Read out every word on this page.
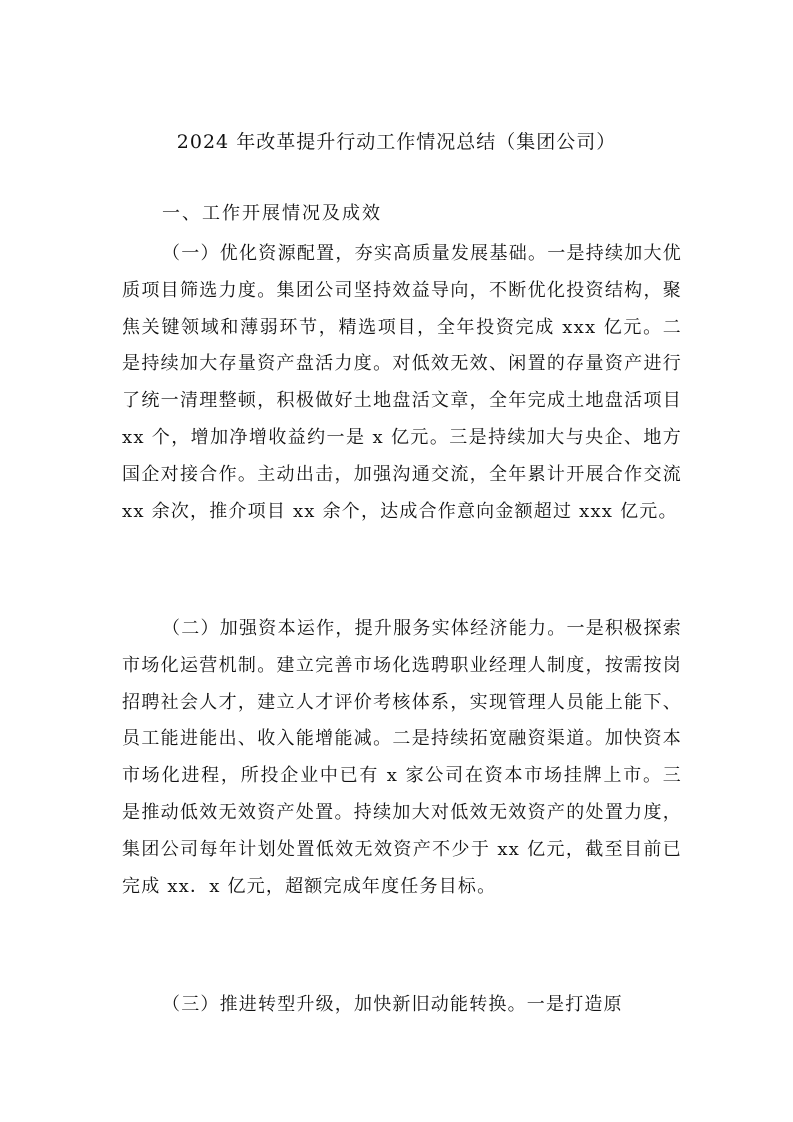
2024 年改革提升行动工作情况总结（集团公司）
一、工作开展情况及成效

（一）优化资源配置，夯实高质量发展基础。一是持续加大优质项目筛选力度。集团公司坚持效益导向，不断优化投资结构，聚焦关键领域和薄弱环节，精选项目，全年投资完成 xxx 亿元。二是持续加大存量资产盘活力度。对低效无效、闲置的存量资产进行了统一清理整顿，积极做好土地盘活文章，全年完成土地盘活项目 xx 个，增加净增收益约一是 x 亿元。三是持续加大与央企、地方国企对接合作。主动出击，加强沟通交流，全年累计开展合作交流 xx 余次，推介项目 xx 余个，达成合作意向金额超过 xxx 亿元。

（二）加强资本运作，提升服务实体经济能力。一是积极探索市场化运营机制。建立完善市场化选聘职业经理人制度，按需按岗招聘社会人才，建立人才评价考核体系，实现管理人员能上能下、员工能进能出、收入能增能减。二是持续拓宽融资渠道。加快资本市场化进程，所投企业中已有 x 家公司在资本市场挂牌上市。三是推动低效无效资产处置。持续加大对低效无效资产的处置力度，集团公司每年计划处置低效无效资产不少于 xx 亿元，截至目前已完成 xx．x 亿元，超额完成年度任务目标。

（三）推进转型升级，加快新旧动能转换。一是打造原
